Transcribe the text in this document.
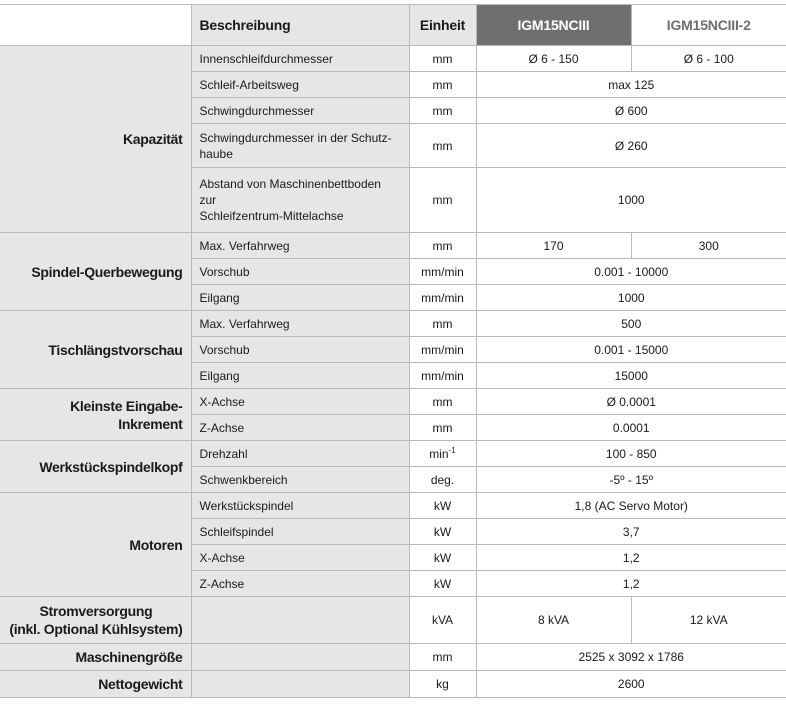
	Beschreibung	Einheit	IGM15NCIII	IGM15NCIII-2
Kapazität	Innenschleifdurchmesser	mm	Ø 6 - 150	Ø 6 - 100
	Schleif-Arbeitsweg	mm	max 125	
	Schwingdurchmesser	mm	Ø 600	
	Schwingdurchmesser in der Schutz-
haube	mm	Ø 260	
	Abstand von Maschinenbettboden zur
Schleifzentrum-Mittelachse	mm	1000	
Spindel-Querbewegung	Max. Verfahrweg	mm	170	300
	Vorschub	mm/min	0.001 - 10000	
	Eilgang	mm/min	1000	
Tischlängstvorschau	Max. Verfahrweg	mm	500	
	Vorschub	mm/min	0.001 - 15000	
	Eilgang	mm/min	15000	
Kleinste Eingabe-Inkrement	X-Achse	mm	Ø 0.0001	
	Z-Achse	mm	0.0001	
Werkstückspindelkopf	Drehzahl	$\min^{-1}$	100 - 850	
	Schwenkbereich	deg.	-5º - 15º	
Motoren	Werkstückspindel	kW	1,8 (AC Servo Motor)	
	Schleifspindel	kW	3,7	
	X-Achse	kW	1,2	
	Z-Achse	kW	1,2	
Stromversorgung
(inkl. Optional Kühlsystem)		kVA	8 kVA	12 kVA
Maschinengröße		mm	2525 x 3092 x 1786	
Nettogewicht		kg	2600	
